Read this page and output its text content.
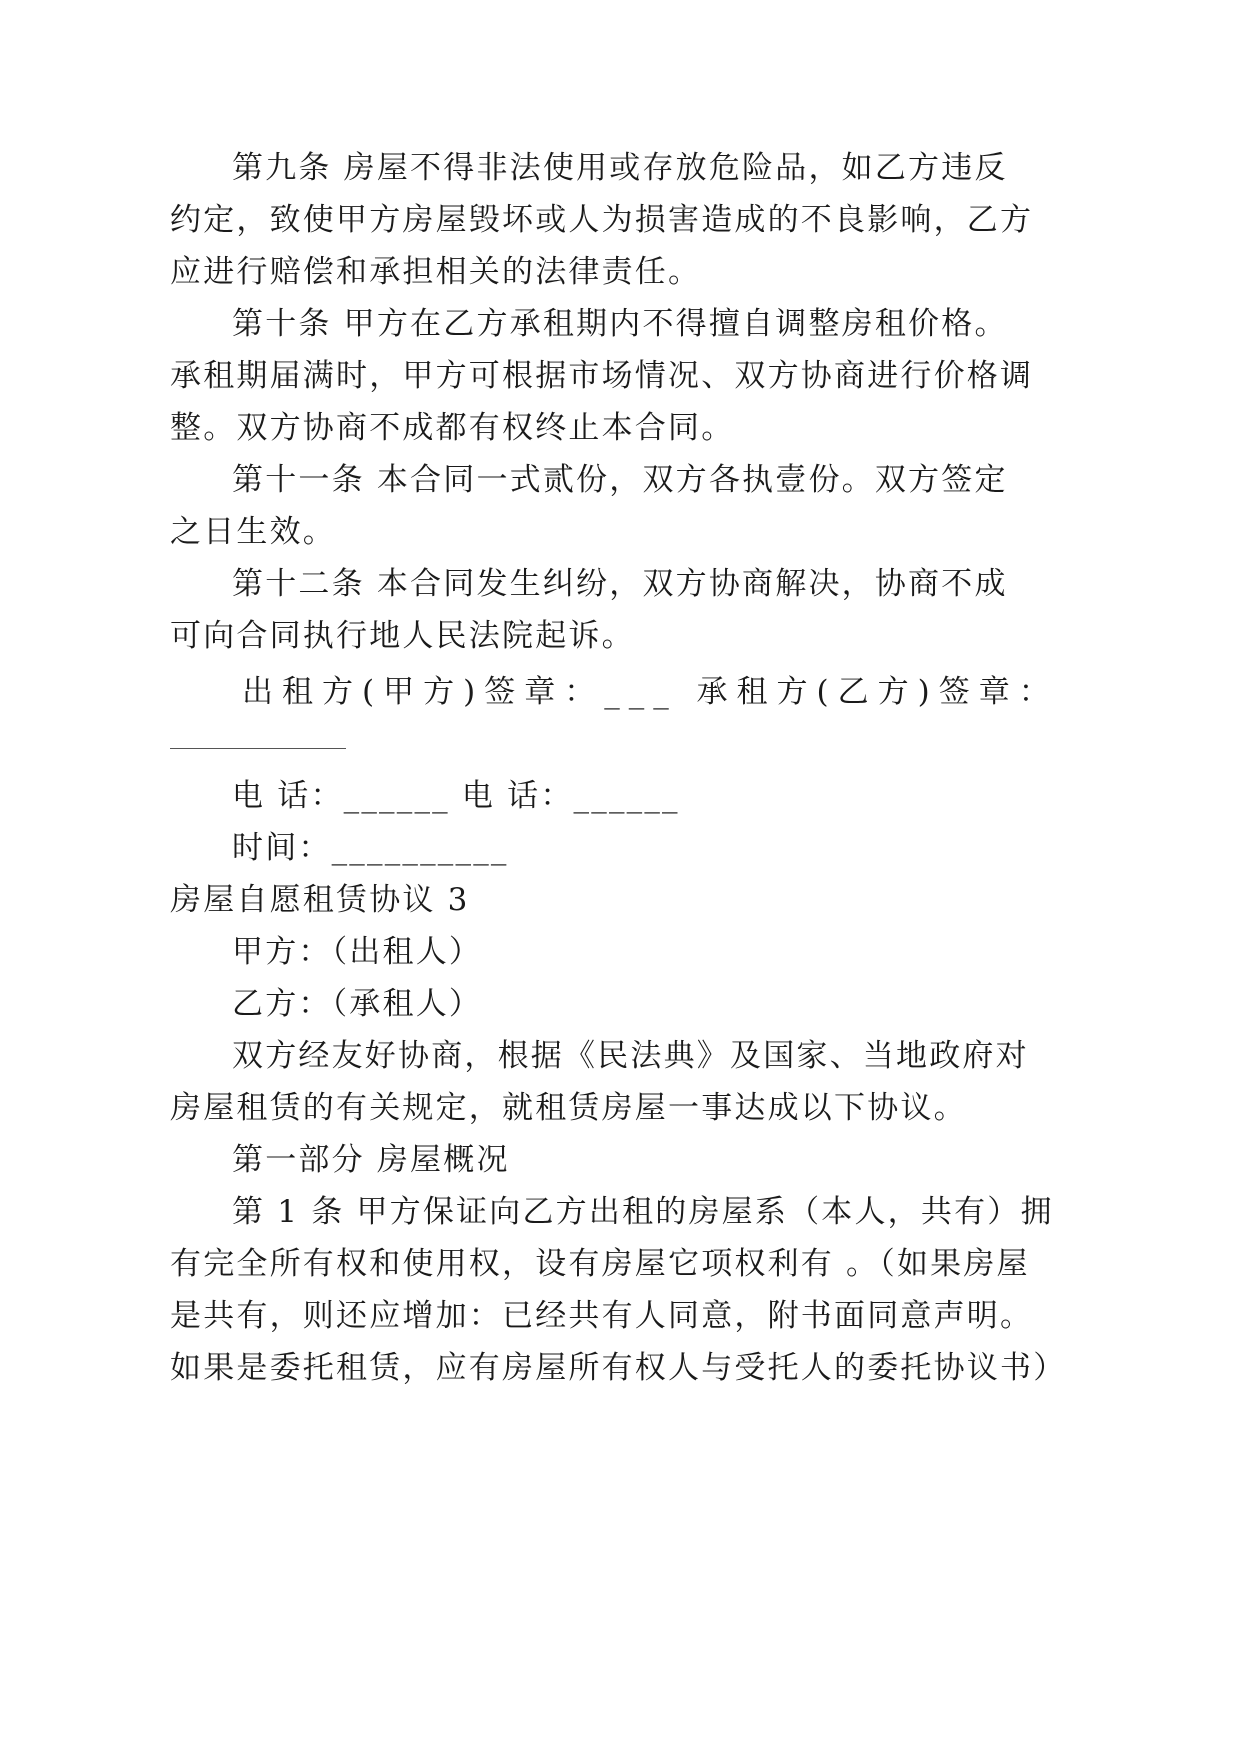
第九条 房屋不得非法使用或存放危险品，如乙方违反
约定，致使甲方房屋毁坏或人为损害造成的不良影响，乙方
应进行赔偿和承担相关的法律责任。
第十条 甲方在乙方承租期内不得擅自调整房租价格。
承租期届满时，甲方可根据市场情况、双方协商进行价格调
整。双方协商不成都有权终止本合同。
第十一条 本合同一式贰份，双方各执壹份。双方签定
之日生效。
第十二条 本合同发生纠纷，双方协商解决，协商不成
可向合同执行地人民法院起诉。
出租方(甲方)签章：___ 承租方(乙方)签章：
电 话：______ 电 话：______
时间：__________
房屋自愿租赁协议 3
甲方：（出租人）
乙方：（承租人）
双方经友好协商，根据《民法典》及国家、当地政府对
房屋租赁的有关规定，就租赁房屋一事达成以下协议。
第一部分 房屋概况
第 1 条 甲方保证向乙方出租的房屋系（本人，共有）拥
有完全所有权和使用权，设有房屋它项权利有 。（如果房屋
是共有，则还应增加：已经共有人同意，附书面同意声明。
如果是委托租赁，应有房屋所有权人与受托人的委托协议书）
